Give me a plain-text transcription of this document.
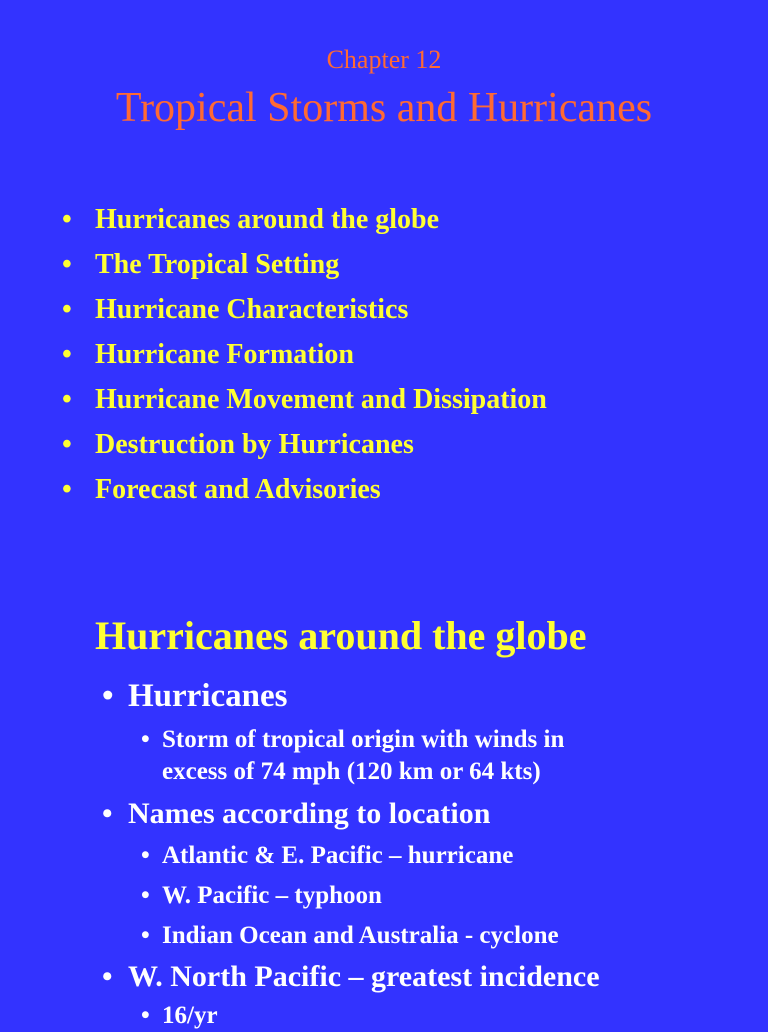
Chapter 12
Tropical Storms and Hurricanes
• Hurricanes around the globe
• The Tropical Setting
• Hurricane Characteristics
• Hurricane Formation
• Hurricane Movement and Dissipation
• Destruction by Hurricanes
• Forecast and Advisories
Hurricanes around the globe
• Hurricanes
• Storm of tropical origin with winds in
excess of 74 mph (120 km or 64 kts)
• Names according to location
• Atlantic & E. Pacific – hurricane
• W. Pacific – typhoon
• Indian Ocean and Australia - cyclone
• W. North Pacific – greatest incidence
• 16/yr
